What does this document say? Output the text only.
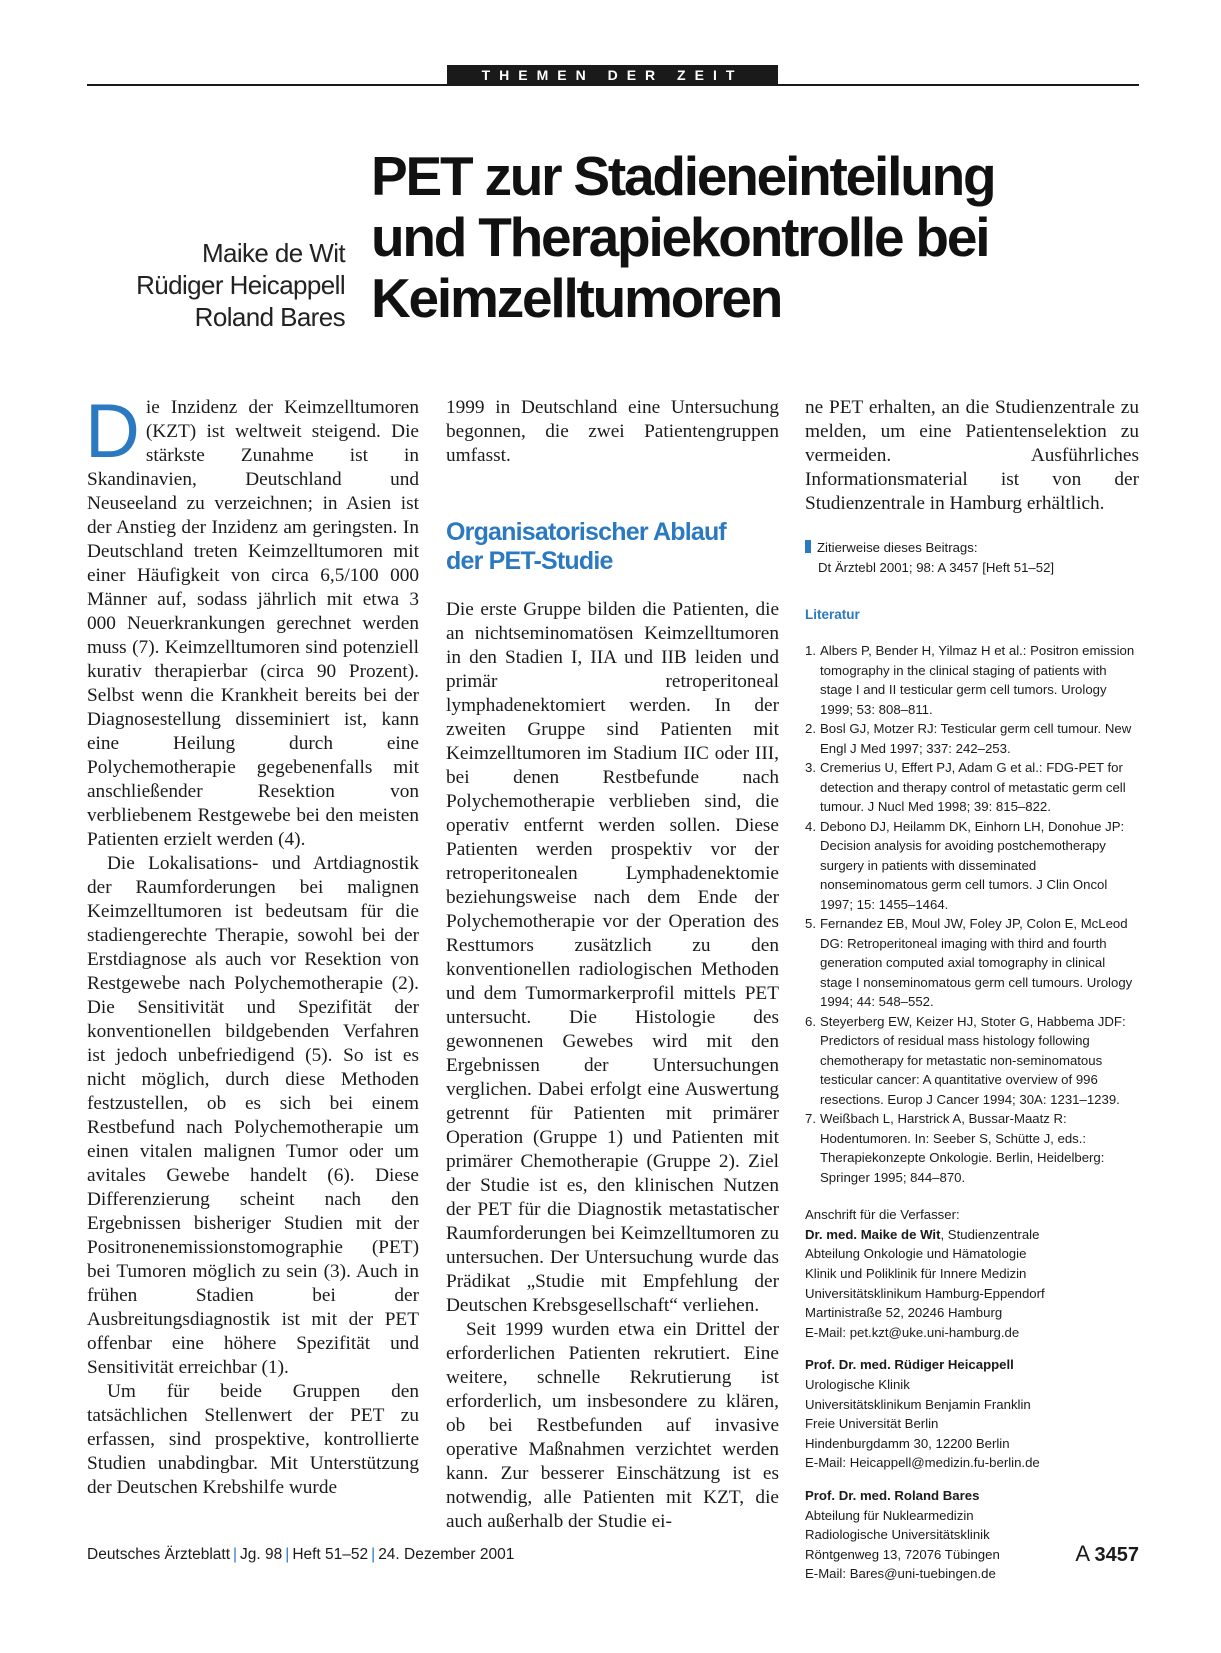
THEMEN DER ZEIT
Maike de Wit
Rüdiger Heicappell
Roland Bares
PET zur Stadieneinteilung
und Therapiekontrolle bei
Keimzelltumoren

Die Inzidenz der Keimzelltumoren (KZT) ist weltweit steigend. Die stärkste Zunahme ist in Skandinavien, Deutschland und Neuseeland zu verzeichnen; in Asien ist der Anstieg der Inzidenz am geringsten. In Deutschland treten Keimzelltumoren mit einer Häufigkeit von circa 6,5/100 000 Männer auf, sodass jährlich mit etwa 3 000 Neuerkrankungen gerechnet werden muss (7). Keimzelltumoren sind potenziell kurativ therapierbar (circa 90 Prozent). Selbst wenn die Krankheit bereits bei der Diagnosestellung disseminiert ist, kann eine Heilung durch eine Polychemotherapie gegebenenfalls mit anschließender Resektion von verbliebenem Restgewebe bei den meisten Patienten erzielt werden (4).

Die Lokalisations- und Artdiagnostik der Raumforderungen bei malignen Keimzelltumoren ist bedeutsam für die stadiengerechte Therapie, sowohl bei der Erstdiagnose als auch vor Resektion von Restgewebe nach Polychemotherapie (2). Die Sensitivität und Spezifität der konventionellen bildgebenden Verfahren ist jedoch unbefriedigend (5). So ist es nicht möglich, durch diese Methoden festzustellen, ob es sich bei einem Restbefund nach Polychemotherapie um einen vitalen malignen Tumor oder um avitales Gewebe handelt (6). Diese Differenzierung scheint nach den Ergebnissen bisheriger Studien mit der Positronenemissionstomographie (PET) bei Tumoren möglich zu sein (3). Auch in frühen Stadien bei der Ausbreitungsdiagnostik ist mit der PET offenbar eine höhere Spezifität und Sensitivität erreichbar (1).

Um für beide Gruppen den tatsächlichen Stellenwert der PET zu erfassen, sind prospektive, kontrollierte Studien unabdingbar. Mit Unterstützung der Deutschen Krebshilfe wurde

1999 in Deutschland eine Untersuchung begonnen, die zwei Patientengruppen umfasst.

Organisatorischer Ablauf
der PET-Studie

Die erste Gruppe bilden die Patienten, die an nichtseminomatösen Keimzelltumoren in den Stadien I, IIA und IIB leiden und primär retroperitoneal lymphadenektomiert werden. In der zweiten Gruppe sind Patienten mit Keimzelltumoren im Stadium IIC oder III, bei denen Restbefunde nach Polychemotherapie verblieben sind, die operativ entfernt werden sollen. Diese Patienten werden prospektiv vor der retroperitonealen Lymphadenektomie beziehungsweise nach dem Ende der Polychemotherapie vor der Operation des Resttumors zusätzlich zu den konventionellen radiologischen Methoden und dem Tumormarkerprofil mittels PET untersucht. Die Histologie des gewonnenen Gewebes wird mit den Ergebnissen der Untersuchungen verglichen. Dabei erfolgt eine Auswertung getrennt für Patienten mit primärer Operation (Gruppe 1) und Patienten mit primärer Chemotherapie (Gruppe 2). Ziel der Studie ist es, den klinischen Nutzen der PET für die Diagnostik metastatischer Raumforderungen bei Keimzelltumoren zu untersuchen. Der Untersuchung wurde das Prädikat „Studie mit Empfehlung der Deutschen Krebsgesellschaft“ verliehen.

Seit 1999 wurden etwa ein Drittel der erforderlichen Patienten rekrutiert. Eine weitere, schnelle Rekrutierung ist erforderlich, um insbesondere zu klären, ob bei Restbefunden auf invasive operative Maßnahmen verzichtet werden kann. Zur besserer Einschätzung ist es notwendig, alle Patienten mit KZT, die auch außerhalb der Studie ei-

ne PET erhalten, an die Studienzentrale zu melden, um eine Patientenselektion zu vermeiden. Ausführliches Informationsmaterial ist von der Studienzentrale in Hamburg erhältlich.

Zitierweise dieses Beitrags:
Dt Ärztebl 2001; 98: A 3457 [Heft 51–52]
Literatur
1. Albers P, Bender H, Yilmaz H et al.: Positron emission tomography in the clinical staging of patients with stage I and II testicular germ cell tumors. Urology 1999; 53: 808–811.
2. Bosl GJ, Motzer RJ: Testicular germ cell tumour. New Engl J Med 1997; 337: 242–253.
3. Cremerius U, Effert PJ, Adam G et al.: FDG-PET for detection and therapy control of metastatic germ cell tumour. J Nucl Med 1998; 39: 815–822.
4. Debono DJ, Heilamm DK, Einhorn LH, Donohue JP: Decision analysis for avoiding postchemotherapy surgery in patients with disseminated nonseminomatous germ cell tumors. J Clin Oncol 1997; 15: 1455–1464.
5. Fernandez EB, Moul JW, Foley JP, Colon E, McLeod DG: Retroperitoneal imaging with third and fourth generation computed axial tomography in clinical stage I nonseminomatous germ cell tumours. Urology 1994; 44: 548–552.
6. Steyerberg EW, Keizer HJ, Stoter G, Habbema JDF: Predictors of residual mass histology following chemotherapy for metastatic non-seminomatous testicular cancer: A quantitative overview of 996 resections. Europ J Cancer 1994; 30A: 1231–1239.
7. Weißbach L, Harstrick A, Bussar-Maatz R: Hodentumoren. In: Seeber S, Schütte J, eds.: Therapiekonzepte Onkologie. Berlin, Heidelberg: Springer 1995; 844–870.
Anschrift für die Verfasser:
Dr. med. Maike de Wit, Studienzentrale
Abteilung Onkologie und Hämatologie
Klinik und Poliklinik für Innere Medizin
Universitätsklinikum Hamburg-Eppendorf
Martinistraße 52, 20246 Hamburg
E-Mail: pet.kzt@uke.uni-hamburg.de
Prof. Dr. med. Rüdiger Heicappell
Urologische Klinik
Universitätsklinikum Benjamin Franklin
Freie Universität Berlin
Hindenburgdamm 30, 12200 Berlin
E-Mail: Heicappell@medizin.fu-berlin.de
Prof. Dr. med. Roland Bares
Abteilung für Nuklearmedizin
Radiologische Universitätsklinik
Röntgenweg 13, 72076 Tübingen
E-Mail: Bares@uni-tuebingen.de
Deutsches Ärzteblatt | Jg. 98 | Heft 51–52 | 24. Dezember 2001	A 3457
